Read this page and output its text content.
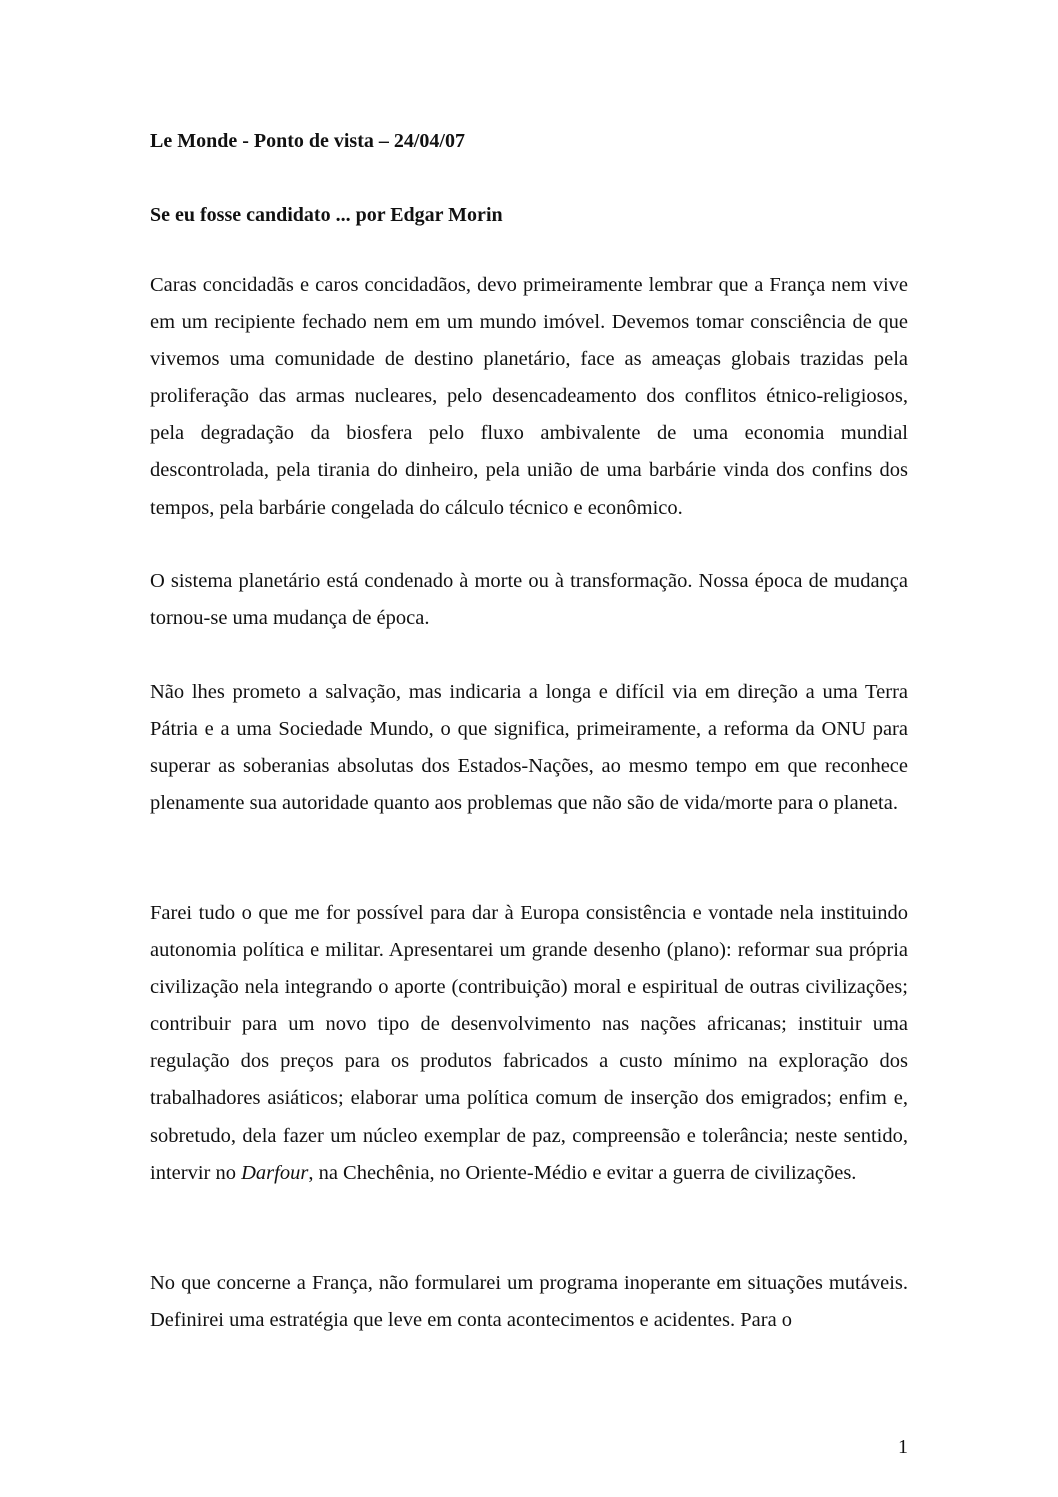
Le Monde - Ponto de vista – 24/04/07
Se eu fosse candidato ... por Edgar Morin

Caras concidadãs e caros concidadãos, devo primeiramente lembrar que a França nem vive em um recipiente fechado nem em um mundo imóvel. Devemos tomar consciência de que vivemos uma comunidade de destino planetário, face as ameaças globais trazidas pela proliferação das armas nucleares, pelo desencadeamento dos conflitos étnico-religiosos, pela degradação da biosfera pelo fluxo ambivalente de uma economia mundial descontrolada, pela tirania do dinheiro, pela união de uma barbárie vinda dos confins dos tempos, pela barbárie congelada do cálculo técnico e econômico.

O sistema planetário está condenado à morte ou à transformação. Nossa época de mudança tornou-se uma mudança de época.

Não lhes prometo a salvação, mas indicaria a longa e difícil via em direção a uma Terra Pátria e a uma Sociedade Mundo, o que significa, primeiramente, a reforma da ONU para superar as soberanias absolutas dos Estados-Nações, ao mesmo tempo em que reconhece plenamente sua autoridade quanto aos problemas que não são de vida/morte para o planeta.

Farei tudo o que me for possível para dar à Europa consistência e vontade nela instituindo autonomia política e militar. Apresentarei um grande desenho (plano): reformar sua própria civilização nela integrando o aporte (contribuição) moral e espiritual de outras civilizações; contribuir para um novo tipo de desenvolvimento nas nações africanas; instituir uma regulação dos preços para os produtos fabricados a custo mínimo na exploração dos trabalhadores asiáticos; elaborar uma política comum de inserção dos emigrados; enfim e, sobretudo, dela fazer um núcleo exemplar de paz, compreensão e tolerância; neste sentido, intervir no Darfour, na Chechênia, no Oriente-Médio e evitar a guerra de civilizações.

No que concerne a França, não formularei um programa inoperante em situações mutáveis. Definirei uma estratégia que leve em conta acontecimentos e acidentes. Para o

1
